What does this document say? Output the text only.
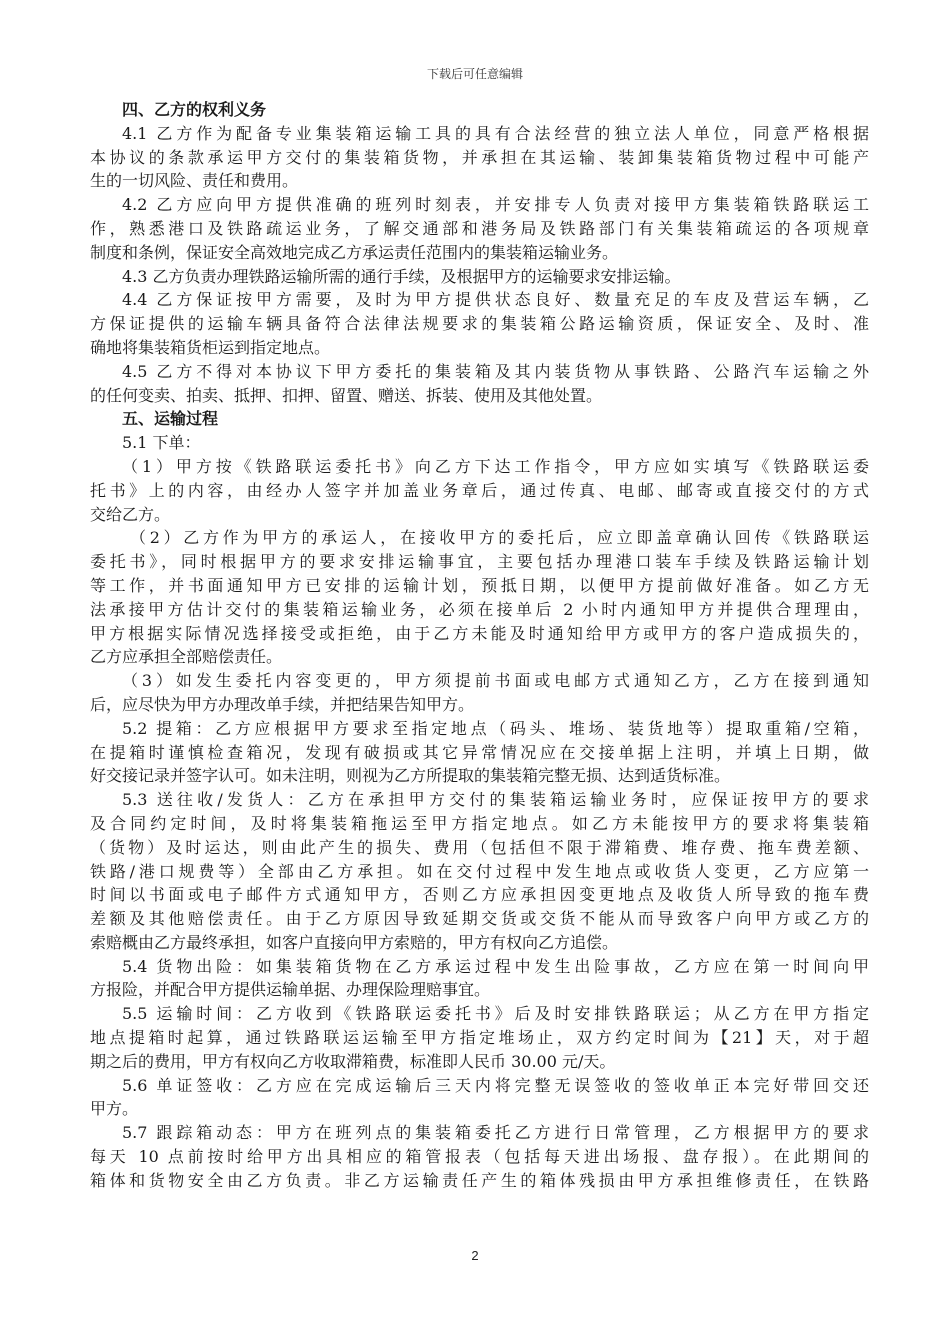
下载后可任意编辑
四、乙方的权利义务
4.1 乙方作为配备专业集装箱运输工具的具有合法经营的独立法人单位，同意严格根据
本协议的条款承运甲方交付的集装箱货物，并承担在其运输、装卸集装箱货物过程中可能产
生的一切风险、责任和费用。
4.2 乙方应向甲方提供准确的班列时刻表，并安排专人负责对接甲方集装箱铁路联运工
作，熟悉港口及铁路疏运业务，了解交通部和港务局及铁路部门有关集装箱疏运的各项规章
制度和条例，保证安全高效地完成乙方承运责任范围内的集装箱运输业务。
4.3 乙方负责办理铁路运输所需的通行手续，及根据甲方的运输要求安排运输。
4.4 乙方保证按甲方需要，及时为甲方提供状态良好、数量充足的车皮及营运车辆，乙
方保证提供的运输车辆具备符合法律法规要求的集装箱公路运输资质，保证安全、及时、准
确地将集装箱货柜运到指定地点。
4.5 乙方不得对本协议下甲方委托的集装箱及其内装货物从事铁路、公路汽车运输之外
的任何变卖、拍卖、抵押、扣押、留置、赠送、拆装、使用及其他处置。
五、运输过程
5.1 下单：
（1）甲方按《铁路联运委托书》向乙方下达工作指令，甲方应如实填写《铁路联运委
托书》上的内容，由经办人签字并加盖业务章后，通过传真、电邮、邮寄或直接交付的方式
交给乙方。
（2）乙方作为甲方的承运人，在接收甲方的委托后，应立即盖章确认回传《铁路联运
委托书》，同时根据甲方的要求安排运输事宜，主要包括办理港口装车手续及铁路运输计划
等工作，并书面通知甲方已安排的运输计划，预抵日期，以便甲方提前做好准备。如乙方无
法承接甲方估计交付的集装箱运输业务，必须在接单后 2 小时内通知甲方并提供合理理由，
甲方根据实际情况选择接受或拒绝，由于乙方未能及时通知给甲方或甲方的客户造成损失的，
乙方应承担全部赔偿责任。
（3）如发生委托内容变更的，甲方须提前书面或电邮方式通知乙方，乙方在接到通知
后，应尽快为甲方办理改单手续，并把结果告知甲方。
5.2 提箱：乙方应根据甲方要求至指定地点（码头、堆场、装货地等）提取重箱/空箱，
在提箱时谨慎检查箱况，发现有破损或其它异常情况应在交接单据上注明，并填上日期，做
好交接记录并签字认可。如未注明，则视为乙方所提取的集装箱完整无损、达到适货标准。
5.3 送往收/发货人：乙方在承担甲方交付的集装箱运输业务时，应保证按甲方的要求
及合同约定时间，及时将集装箱拖运至甲方指定地点。如乙方未能按甲方的要求将集装箱
（货物）及时运达，则由此产生的损失、费用（包括但不限于滞箱费、堆存费、拖车费差额、
铁路/港口规费等）全部由乙方承担。如在交付过程中发生地点或收货人变更，乙方应第一
时间以书面或电子邮件方式通知甲方，否则乙方应承担因变更地点及收货人所导致的拖车费
差额及其他赔偿责任。由于乙方原因导致延期交货或交货不能从而导致客户向甲方或乙方的
索赔概由乙方最终承担，如客户直接向甲方索赔的，甲方有权向乙方追偿。
5.4 货物出险：如集装箱货物在乙方承运过程中发生出险事故，乙方应在第一时间向甲
方报险，并配合甲方提供运输单据、办理保险理赔事宜。
5.5 运输时间：乙方收到《铁路联运委托书》后及时安排铁路联运；从乙方在甲方指定
地点提箱时起算，通过铁路联运运输至甲方指定堆场止，双方约定时间为【21】天，对于超
期之后的费用，甲方有权向乙方收取滞箱费，标准即人民币 30.00 元/天。
5.6 单证签收：乙方应在完成运输后三天内将完整无误签收的签收单正本完好带回交还
甲方。
5.7 跟踪箱动态：甲方在班列点的集装箱委托乙方进行日常管理，乙方根据甲方的要求
每天 10 点前按时给甲方出具相应的箱管报表（包括每天进出场报、盘存报）。在此期间的
箱体和货物安全由乙方负责。非乙方运输责任产生的箱体残损由甲方承担维修责任，在铁路
2
